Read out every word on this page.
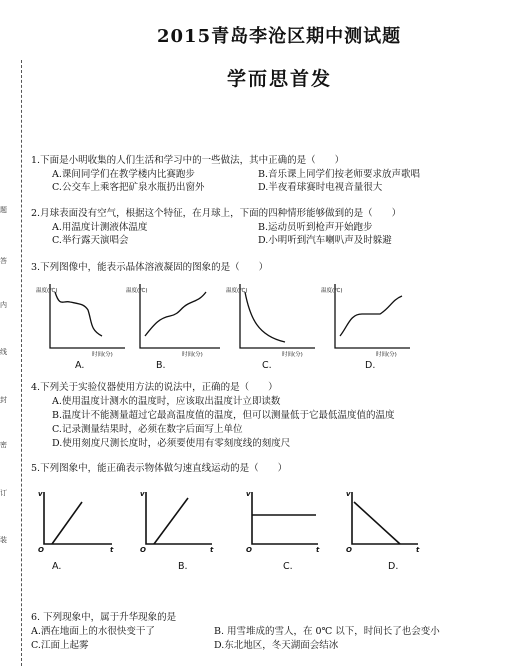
题
答
内
线
封
密
订
装
2015青岛李沧区期中测试题
学而思首发
1.下面是小明收集的人们生活和学习中的一些做法，其中正确的是（　　）
A.课间同学们在教学楼内比赛跑步	B.音乐课上同学们按老师要求放声歌唱
C.公交车上乘客把矿泉水瓶扔出窗外	D.半夜看球赛时电视音量很大
2.月球表面没有空气，根据这个特征，在月球上，下面的四种情形能够做到的是（　　）
A.用温度计测液体温度	B.运动员听到枪声开始跑步
C.举行露天演唱会	D.小明听到汽车喇叭声及时躲避
3.下列图像中，能表示晶体溶液凝固的图象的是（　　）
温度(℃)	温度(℃)	温度(℃)	温度(℃)
时间(分)	时间(分)	时间(分)	时间(分)
A.	B.	C.	D.
4.下列关于实验仪器使用方法的说法中，正确的是（　　）
A.使用温度计测水的温度时，应该取出温度计立即读数
B.温度计不能测量超过它最高温度值的温度，但可以测量低于它最低温度值的温度
C.记录测量结果时，必须在数字后面写上单位
D.使用刻度尺测长度时，必须要使用有零刻度线的刻度尺
5.下列图象中，能正确表示物体做匀速直线运动的是（　　）
v	v	v	v
t	t	t	t
O	O	O	O
A.	B.	C.	D.
6. 下列现象中，属于升华现象的是
A.洒在地面上的水很快变干了	B. 用雪堆成的雪人，在 0℃ 以下，时间长了也会变小
C.江面上起雾	D.东北地区，冬天湖面会结冰
